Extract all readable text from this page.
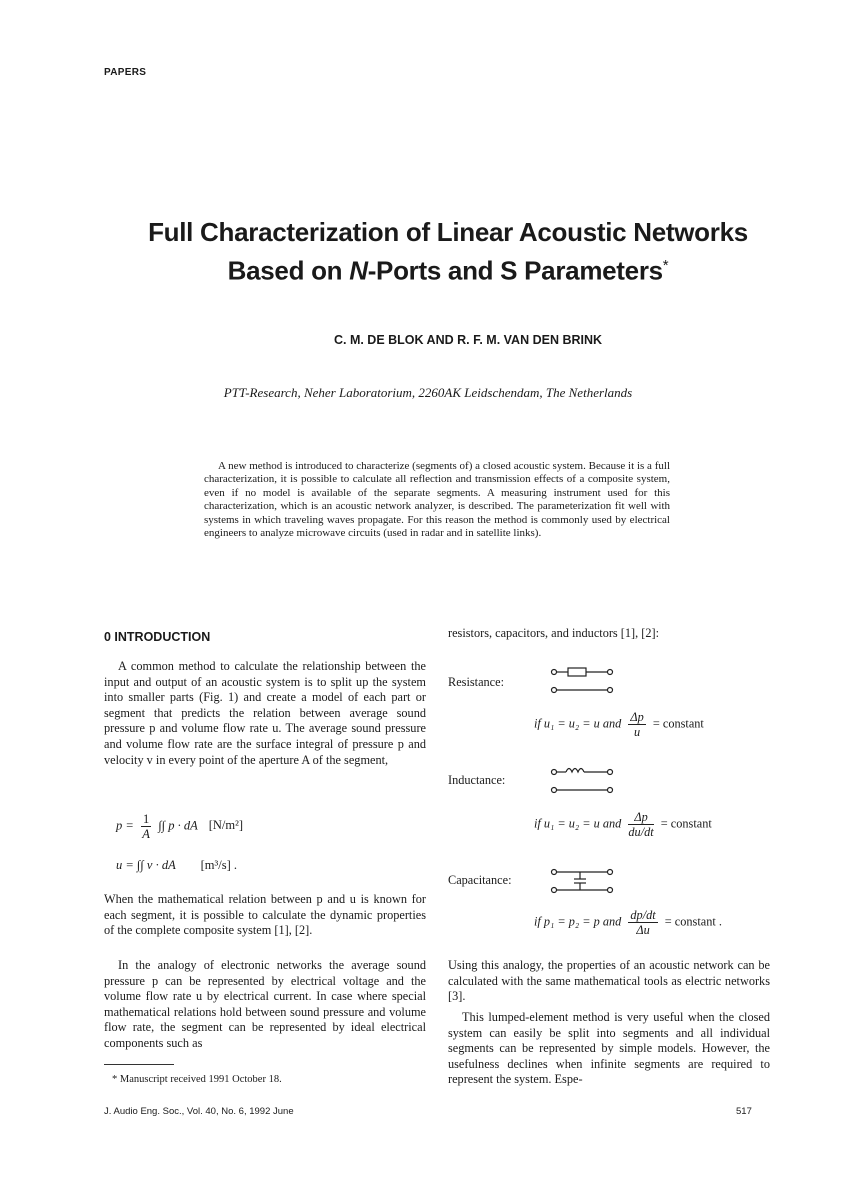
PAPERS
Full Characterization of Linear Acoustic Networks
Based on N-Ports and S Parameters*
C. M. DE BLOK AND R. F. M. VAN DEN BRINK
PTT-Research, Neher Laboratorium, 2260AK Leidschendam, The Netherlands
A new method is introduced to characterize (segments of) a closed acoustic system. Because it is a full characterization, it is possible to calculate all reflection and transmission effects of a composite system, even if no model is available of the separate segments. A measuring instrument used for this characterization, which is an acoustic network analyzer, is described. The parameterization fit well with systems in which traveling waves propagate. For this reason the method is commonly used by electrical engineers to analyze microwave circuits (used in radar and in satellite links).
0 INTRODUCTION
A common method to calculate the relationship between the input and output of an acoustic system is to split up the system into smaller parts (Fig. 1) and create a model of each part or segment that predicts the relation between average sound pressure p and volume flow rate u. The average sound pressure and volume flow rate are the surface integral of pressure p and velocity v in every point of the aperture A of the segment,
$p = \frac{1}{A}$ ∫∫ p · dA [N/m²]
u = ∫∫ v · dA [m³/s] .
When the mathematical relation between p and u is known for each segment, it is possible to calculate the dynamic properties of the complete composite system [1], [2].
In the analogy of electronic networks the average sound pressure p can be represented by electrical voltage and the volume flow rate u by electrical current. In case where special mathematical relations hold between sound pressure and volume flow rate, the segment can be represented by ideal electrical components such as
* Manuscript received 1991 October 18.
resistors, capacitors, and inductors [1], [2]:
Resistance:
if u₁ = u₂ = u and $\frac{\Delta p}{u}$ = constant
Inductance:
if u₁ = u₂ = u and $\frac{\Delta p}{du/dt}$ = constant
Capacitance:
if p₁ = p₂ = p and $\frac{dp/dt}{\Delta u}$ = constant .
Using this analogy, the properties of an acoustic network can be calculated with the same mathematical tools as electric networks [3].
This lumped-element method is very useful when the closed system can easily be split into segments and all individual segments can be represented by simple models. However, the usefulness declines when infinite segments are required to represent the system. Espe-
J. Audio Eng. Soc., Vol. 40, No. 6, 1992 June	517
